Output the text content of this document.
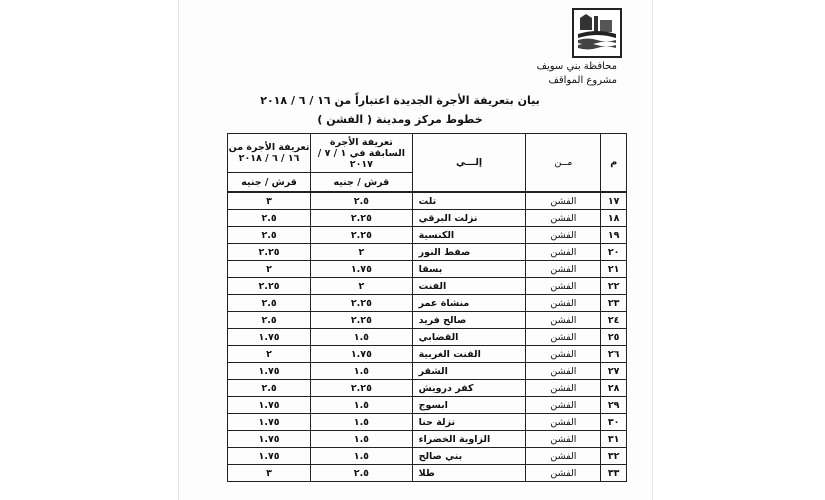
محافظة بني سويف
مشروع المواقف
بيان بتعريفة الأجرة الجديدة اعتباراً من ١٦ / ٦ / ٢٠١٨
خطوط مركز ومدينة ( الفشن )
م	مــن	إلـــي	تعريفة الأجرة السابقة في ١ / ٧ / ٢٠١٧	تعريفة الأجرة من ١٦ / ٦ / ٢٠١٨
			قرش / جنيه	قرش / جنيه
١٧	الفشن	تلت	٢.٥	٣
١٨	الفشن	نزلت البرقي	٢.٢٥	٢.٥
١٩	الفشن	الكنسية	٢.٢٥	٢.٥
٢٠	الفشن	صفط النور	٢	٢.٢٥
٢١	الفشن	بسقا	١.٧٥	٢
٢٢	الفشن	الفنت	٢	٢.٢٥
٢٣	الفشن	منشاة عمر	٢.٢٥	٢.٥
٢٤	الفشن	صالح فريد	٢.٢٥	٢.٥
٢٥	الفشن	القضابي	١.٥	١.٧٥
٢٦	الفشن	الفنت الغربية	١.٧٥	٢
٢٧	الفشن	الشقر	١.٥	١.٧٥
٢٨	الفشن	كفر درويش	٢.٢٥	٢.٥
٢٩	الفشن	ابسوج	١.٥	١.٧٥
٣٠	الفشن	نزلة حنا	١.٥	١.٧٥
٣١	الفشن	الزاوية الخضراء	١.٥	١.٧٥
٣٢	الفشن	بني صالح	١.٥	١.٧٥
٣٣	الفشن	طلا	٢.٥	٣
